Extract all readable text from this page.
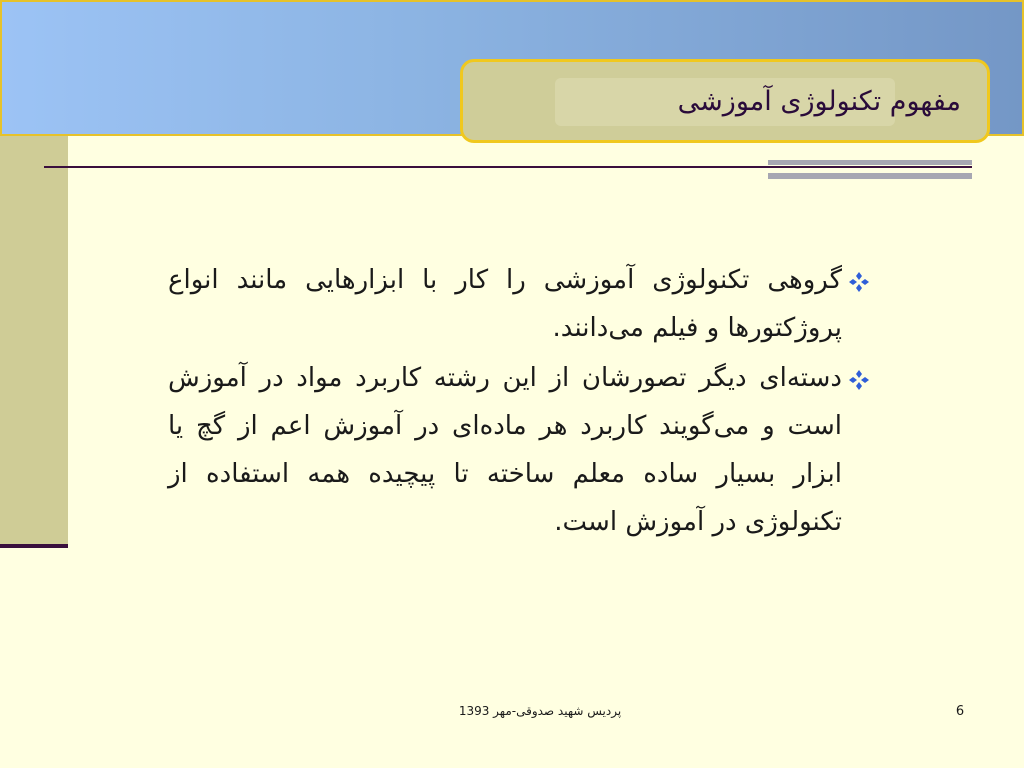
مفهوم تکنولوژی آموزشی
گروهی تکنولوژی آموزشی را کار با ابزارهایی مانند انواع پروژکتورها و فیلم می‌دانند.
دسته‌ای دیگر تصورشان از این رشته کاربرد مواد در آموزش است و می‌گویند کاربرد هر ماده‌ای در آموزش اعم از گچ یا ابزار بسیار ساده معلم ساخته تا پیچیده همه استفاده از تکنولوژی در آموزش است.
پردیس شهید صدوقی-مهر 1393	6
